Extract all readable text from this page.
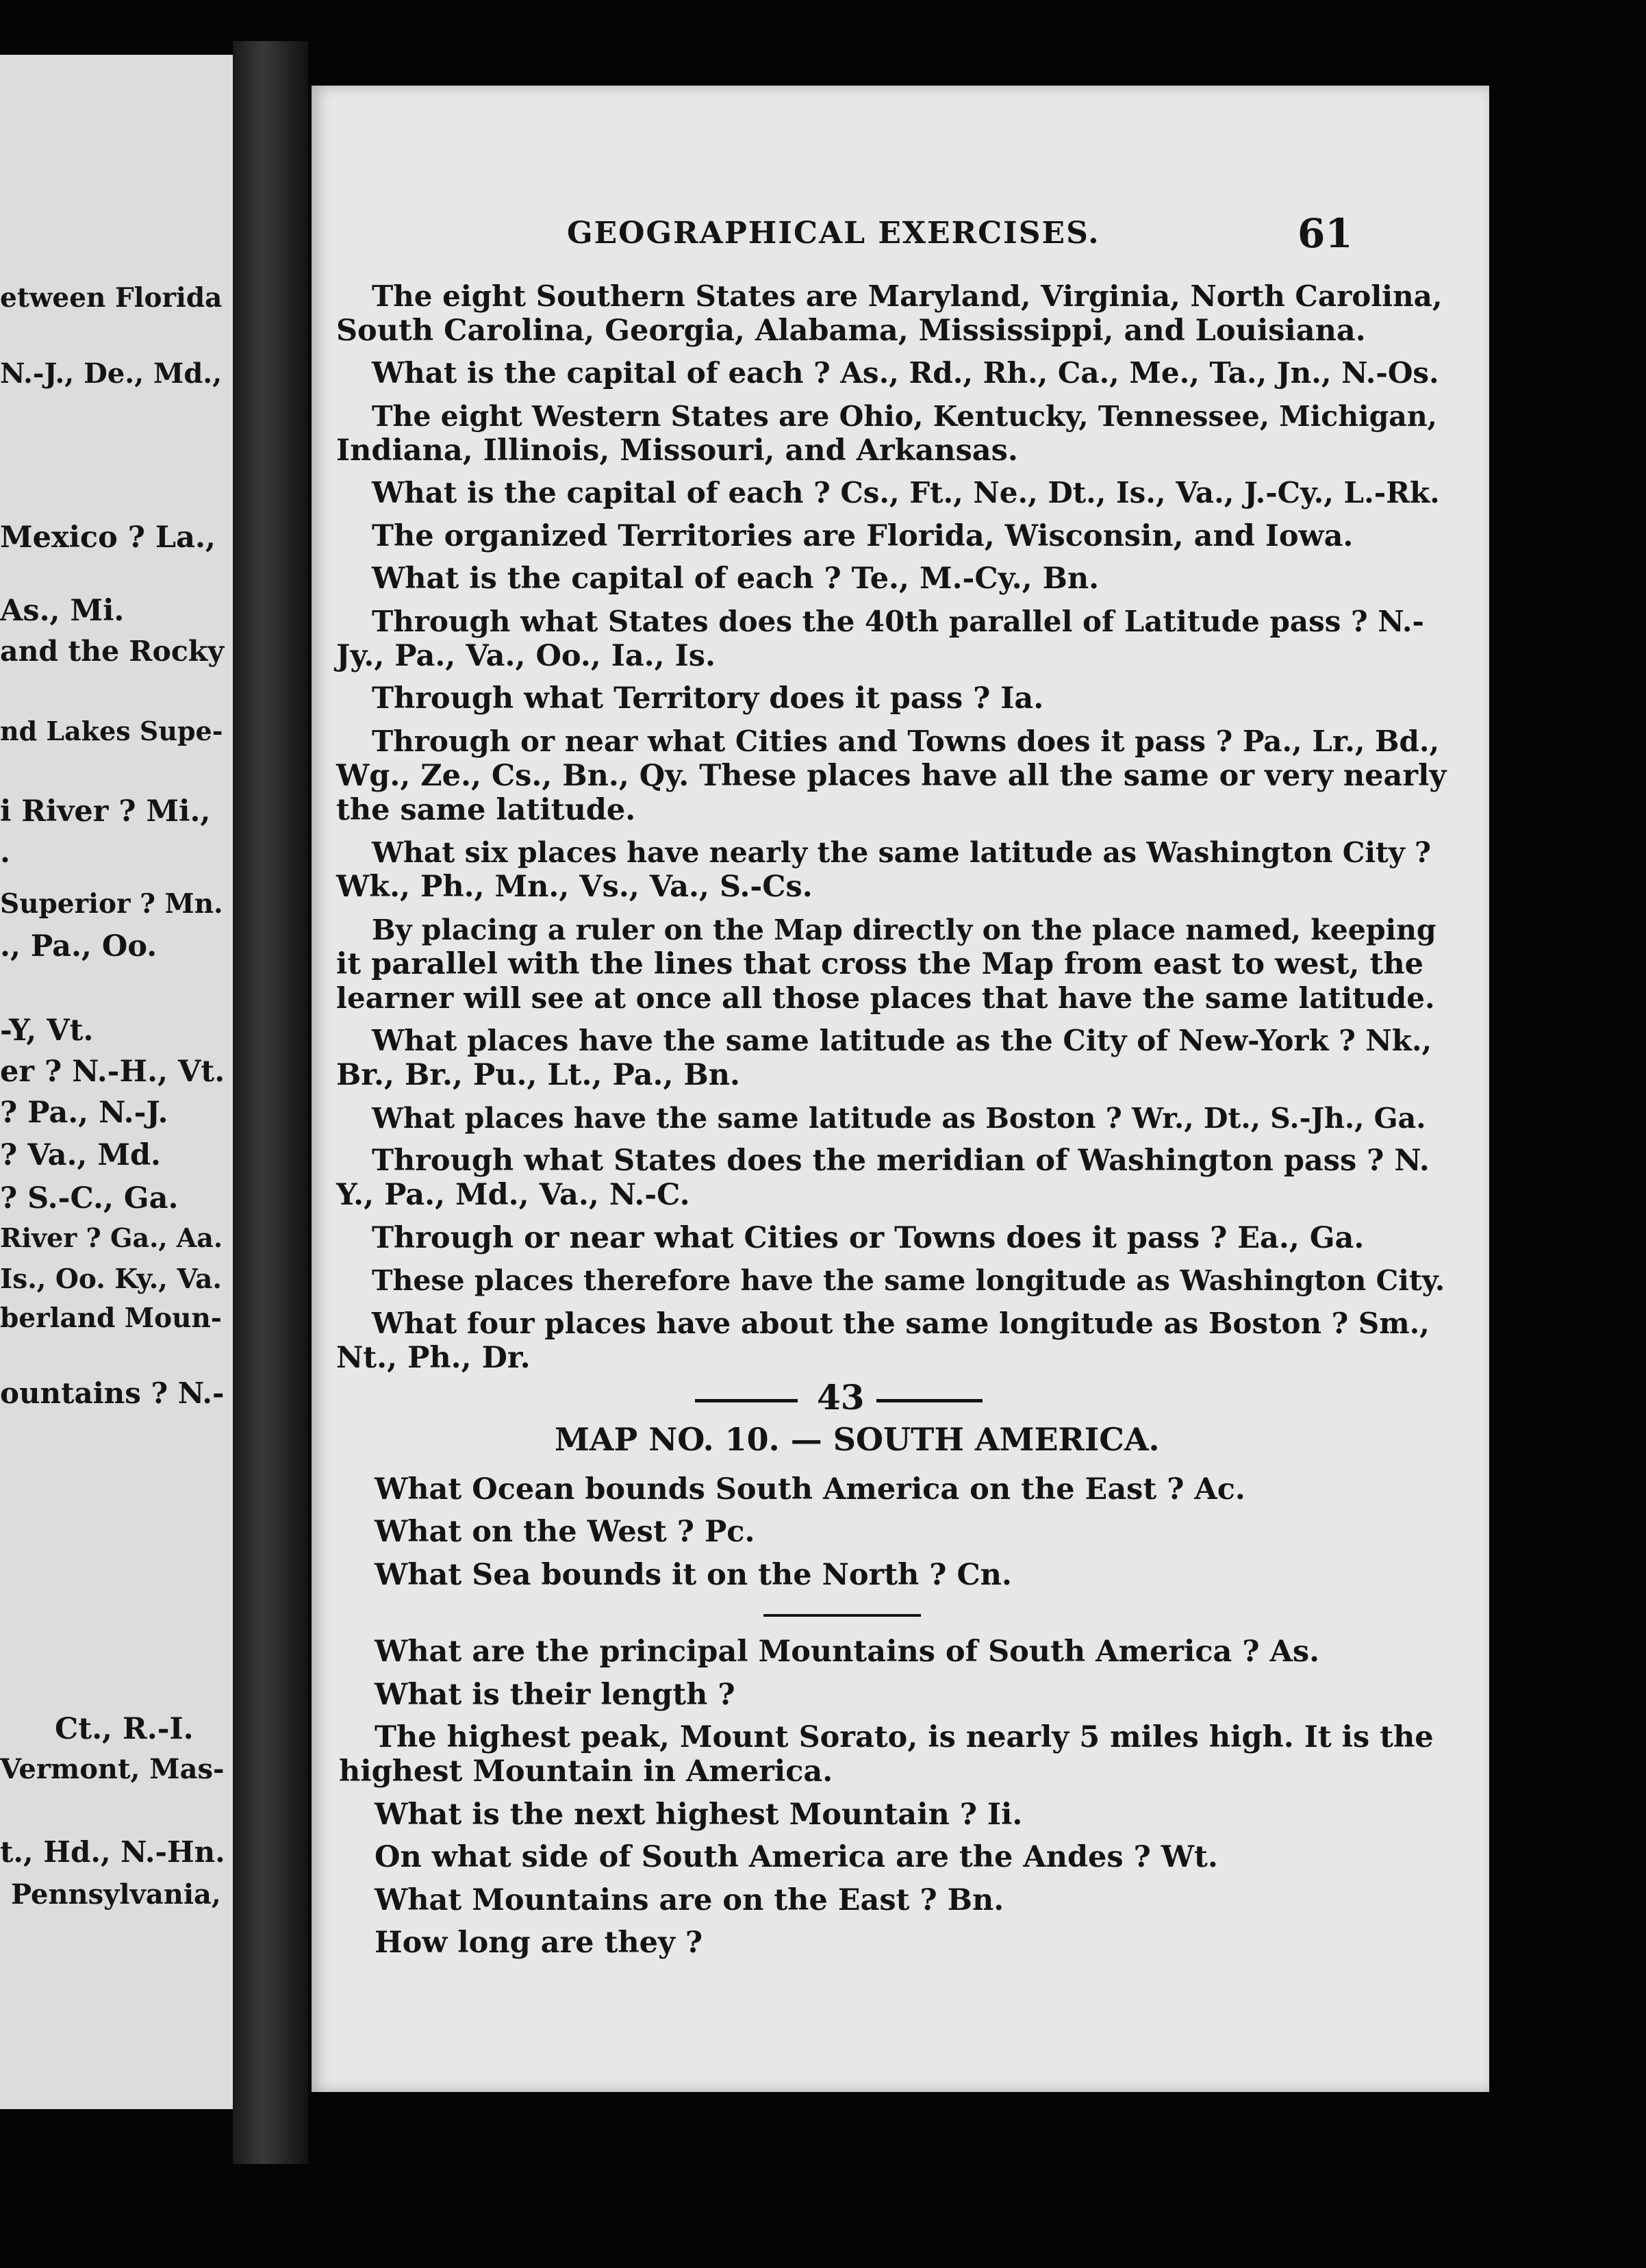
etween Florida
N.-J., De., Md.,
Mexico ? La.,
As., Mi.
and the Rocky
nd Lakes Supe-
i River ? Mi.,
.
Superior ? Mn.
., Pa., Oo.
-Y, Vt.
er ? N.-H., Vt.
? Pa., N.-J.
? Va., Md.
? S.-C., Ga.
River ? Ga., Aa.
Is., Oo. Ky., Va.
berland Moun-
ountains ? N.-
Ct., R.-I.
Vermont, Mas-
t., Hd., N.-Hn.
Pennsylvania,
GEOGRAPHICAL EXERCISES.	61
The eight Southern States are Maryland, Virginia, North Carolina,
South Carolina, Georgia, Alabama, Mississippi, and Louisiana.
What is the capital of each ? As., Rd., Rh., Ca., Me., Ta., Jn., N.-Os.
The eight Western States are Ohio, Kentucky, Tennessee, Michigan,
Indiana, Illinois, Missouri, and Arkansas.
What is the capital of each ? Cs., Ft., Ne., Dt., Is., Va., J.-Cy., L.-Rk.
The organized Territories are Florida, Wisconsin, and Iowa.
What is the capital of each ? Te., M.-Cy., Bn.
Through what States does the 40th parallel of Latitude pass ? N.-
Jy., Pa., Va., Oo., Ia., Is.
Through what Territory does it pass ? Ia.
Through or near what Cities and Towns does it pass ? Pa., Lr., Bd.,
Wg., Ze., Cs., Bn., Qy. These places have all the same or very nearly
the same latitude.
What six places have nearly the same latitude as Washington City ?
Wk., Ph., Mn., Vs., Va., S.-Cs.
By placing a ruler on the Map directly on the place named, keeping
it parallel with the lines that cross the Map from east to west, the
learner will see at once all those places that have the same latitude.
What places have the same latitude as the City of New-York ? Nk.,
Br., Br., Pu., Lt., Pa., Bn.
What places have the same latitude as Boston ? Wr., Dt., S.-Jh., Ga.
Through what States does the meridian of Washington pass ? N.
Y., Pa., Md., Va., N.-C.
Through or near what Cities or Towns does it pass ? Ea., Ga.
These places therefore have the same longitude as Washington City.
What four places have about the same longitude as Boston ? Sm.,
Nt., Ph., Dr.
43
MAP NO. 10. — SOUTH AMERICA.
What Ocean bounds South America on the East ? Ac.
What on the West ? Pc.
What Sea bounds it on the North ? Cn.
What are the principal Mountains of South America ? As.
What is their length ?
The highest peak, Mount Sorato, is nearly 5 miles high. It is the
highest Mountain in America.
What is the next highest Mountain ? Ii.
On what side of South America are the Andes ? Wt.
What Mountains are on the East ? Bn.
How long are they ?
